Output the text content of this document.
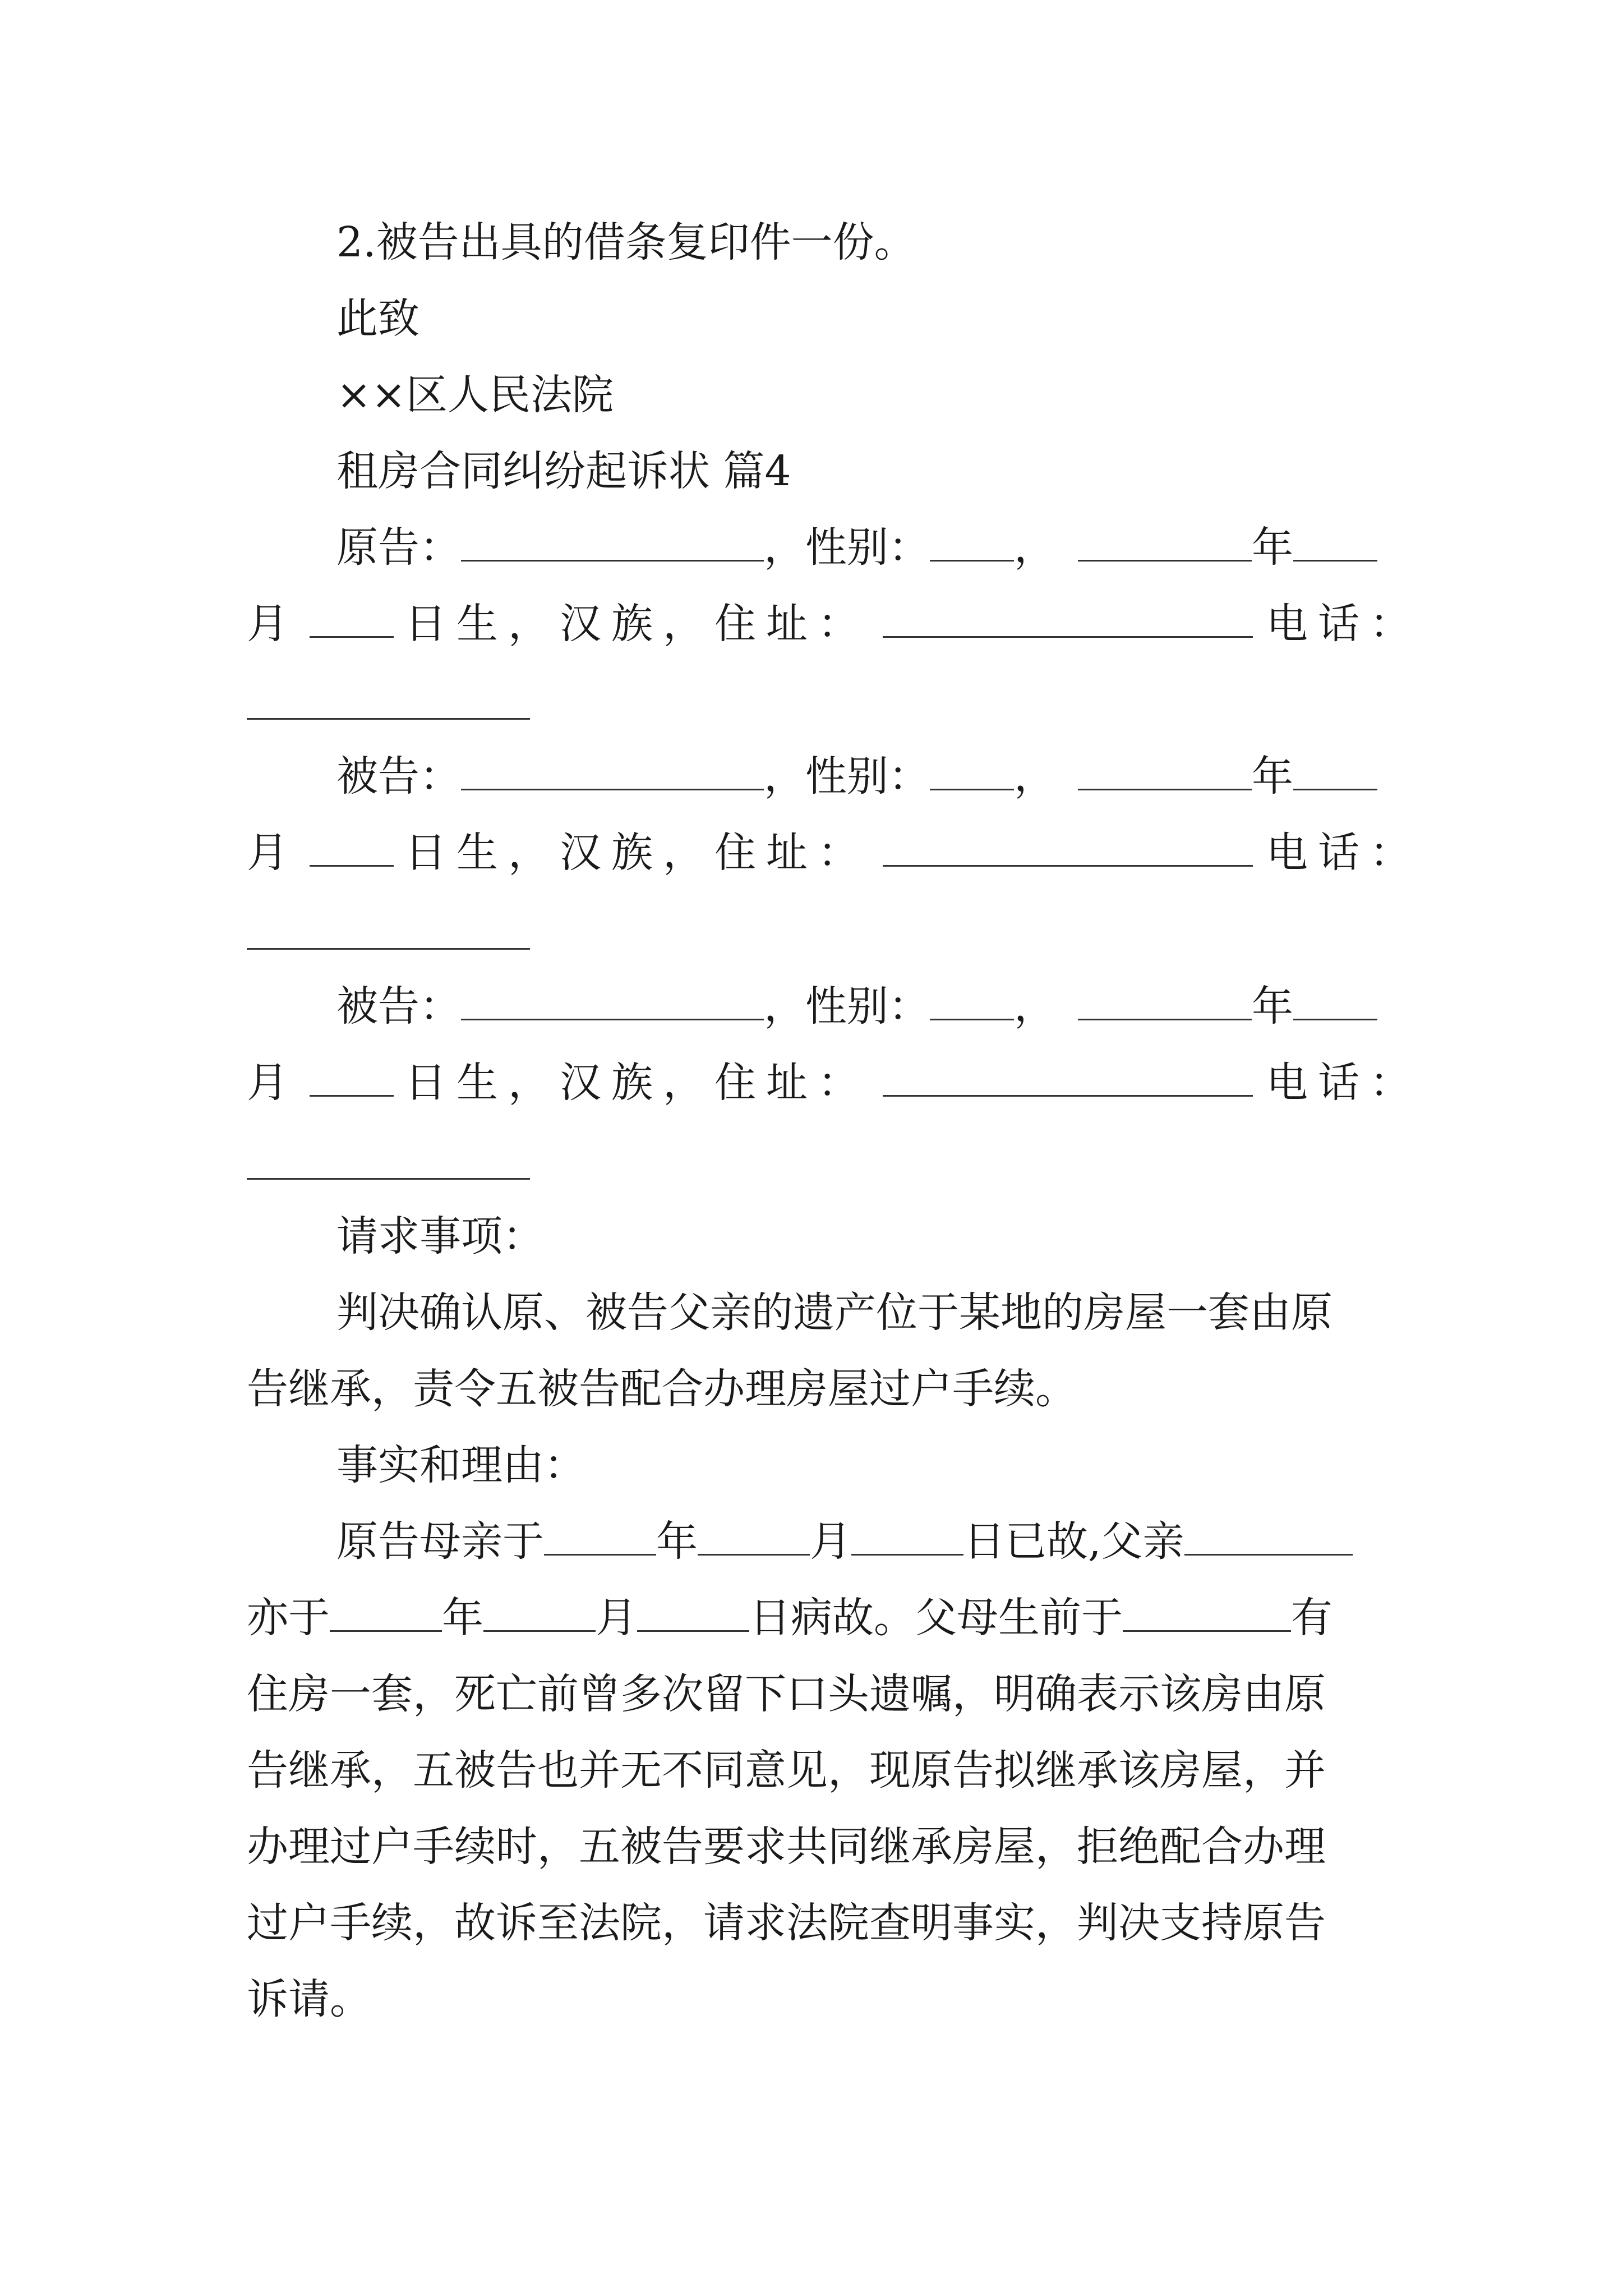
2.被告出具的借条复印件一份。
此致
××区人民法院
租房合同纠纷起诉状 篇4
原告：	，性别： ，	年
月	日生，汉族，住址：	电话：
被告：	，性别： ，	年
月	日生，汉族，住址：	电话：
被告：	，性别： ，	年
月	日生，汉族，住址：	电话：
请求事项：
判决确认原、被告父亲的遗产位于某地的房屋一套由原
告继承，责令五被告配合办理房屋过户手续。
事实和理由：
原告母亲于	年	月	日已故,父亲
亦于	年	月	日病故。父母生前于	有
住房一套，死亡前曾多次留下口头遗嘱，明确表示该房由原
告继承，五被告也并无不同意见，现原告拟继承该房屋，并
办理过户手续时，五被告要求共同继承房屋，拒绝配合办理
过户手续，故诉至法院，请求法院查明事实，判决支持原告
诉请。
